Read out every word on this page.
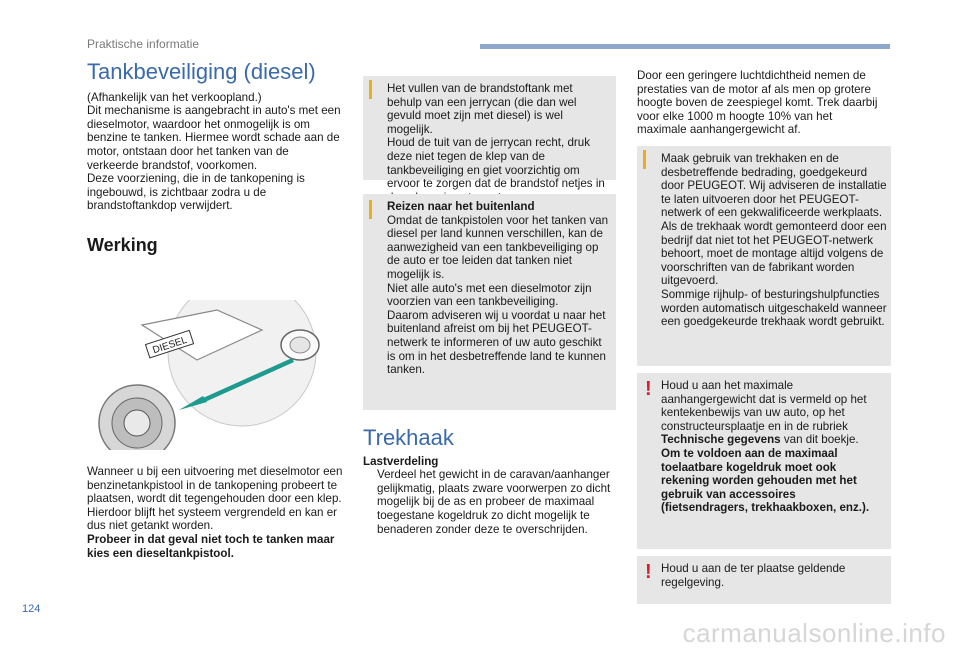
Praktische informatie
Tankbeveiliging (diesel)

(Afhankelijk van het verkoopland.)

Dit mechanisme is aangebracht in auto's met een dieselmotor, waardoor het onmogelijk is om benzine te tanken. Hiermee wordt schade aan de motor, ontstaan door het tanken van de verkeerde brandstof, voorkomen.

Deze voorziening, die in de tankopening is ingebouwd, is zichtbaar zodra u de brandstoftankdop verwijdert.

Werking
DIESEL

Wanneer u bij een uitvoering met dieselmotor een benzinetankpistool in de tankopening probeert te plaatsen, wordt dit tegengehouden door een klep. Hierdoor blijft het systeem vergrendeld en kan er dus niet getankt worden.

Probeer in dat geval niet toch te tanken maar kies een dieseltankpistool.

Het vullen van de brandstoftank met behulp van een jerrycan (die dan wel gevuld moet zijn met diesel) is wel mogelijk.

Houd de tuit van de jerrycan recht, druk deze niet tegen de klep van de tankbeveiliging en giet voorzichtig om ervoor te zorgen dat de brandstof netjes in

Reizen naar het buitenland

Omdat de tankpistolen voor het tanken van diesel per land kunnen verschillen, kan de aanwezigheid van een tankbeveiliging op de auto er toe leiden dat tanken niet mogelijk is.

Niet alle auto's met een dieselmotor zijn voorzien van een tankbeveiliging.

Daarom adviseren wij u voordat u naar het buitenland afreist om bij het PEUGEOT-netwerk te informeren of uw auto geschikt is om in het desbetreffende land te kunnen tanken.

Trekhaak

Lastverdeling

Verdeel het gewicht in de caravan/aanhanger gelijkmatig, plaats zware voorwerpen zo dicht mogelijk bij de as en probeer de maximaal toegestane kogeldruk zo dicht mogelijk te benaderen zonder deze te overschrijden.
Door een geringere luchtdichtheid nemen de prestaties van de motor af als men op grotere hoogte boven de zeespiegel komt. Trek daarbij voor elke 1000 m hoogte 10% van het maximale aanhangergewicht af.

Maak gebruik van trekhaken en de desbetreffende bedrading, goedgekeurd door PEUGEOT. Wij adviseren de installatie te laten uitvoeren door het PEUGEOT-netwerk of een gekwalificeerde werkplaats.

Als de trekhaak wordt gemonteerd door een bedrijf dat niet tot het PEUGEOT-netwerk behoort, moet de montage altijd volgens de voorschriften van de fabrikant worden uitgevoerd.

Sommige rijhulp- of besturingshulpfuncties worden automatisch uitgeschakeld wanneer een goedgekeurde trekhaak wordt gebruikt.

! Houd u aan het maximale aanhangergewicht dat is vermeld op het kentekenbewijs van uw auto, op het constructeursplaatje en in de rubriek Technische gegevens van dit boekje.

Om te voldoen aan de maximaal toelaatbare kogeldruk moet ook rekening worden gehouden met het gebruik van accessoires (fietsendragers, trekhaakboxen, enz.).

! Houd u aan de ter plaatse geldende regelgeving.
124
carmanualsonline.info
